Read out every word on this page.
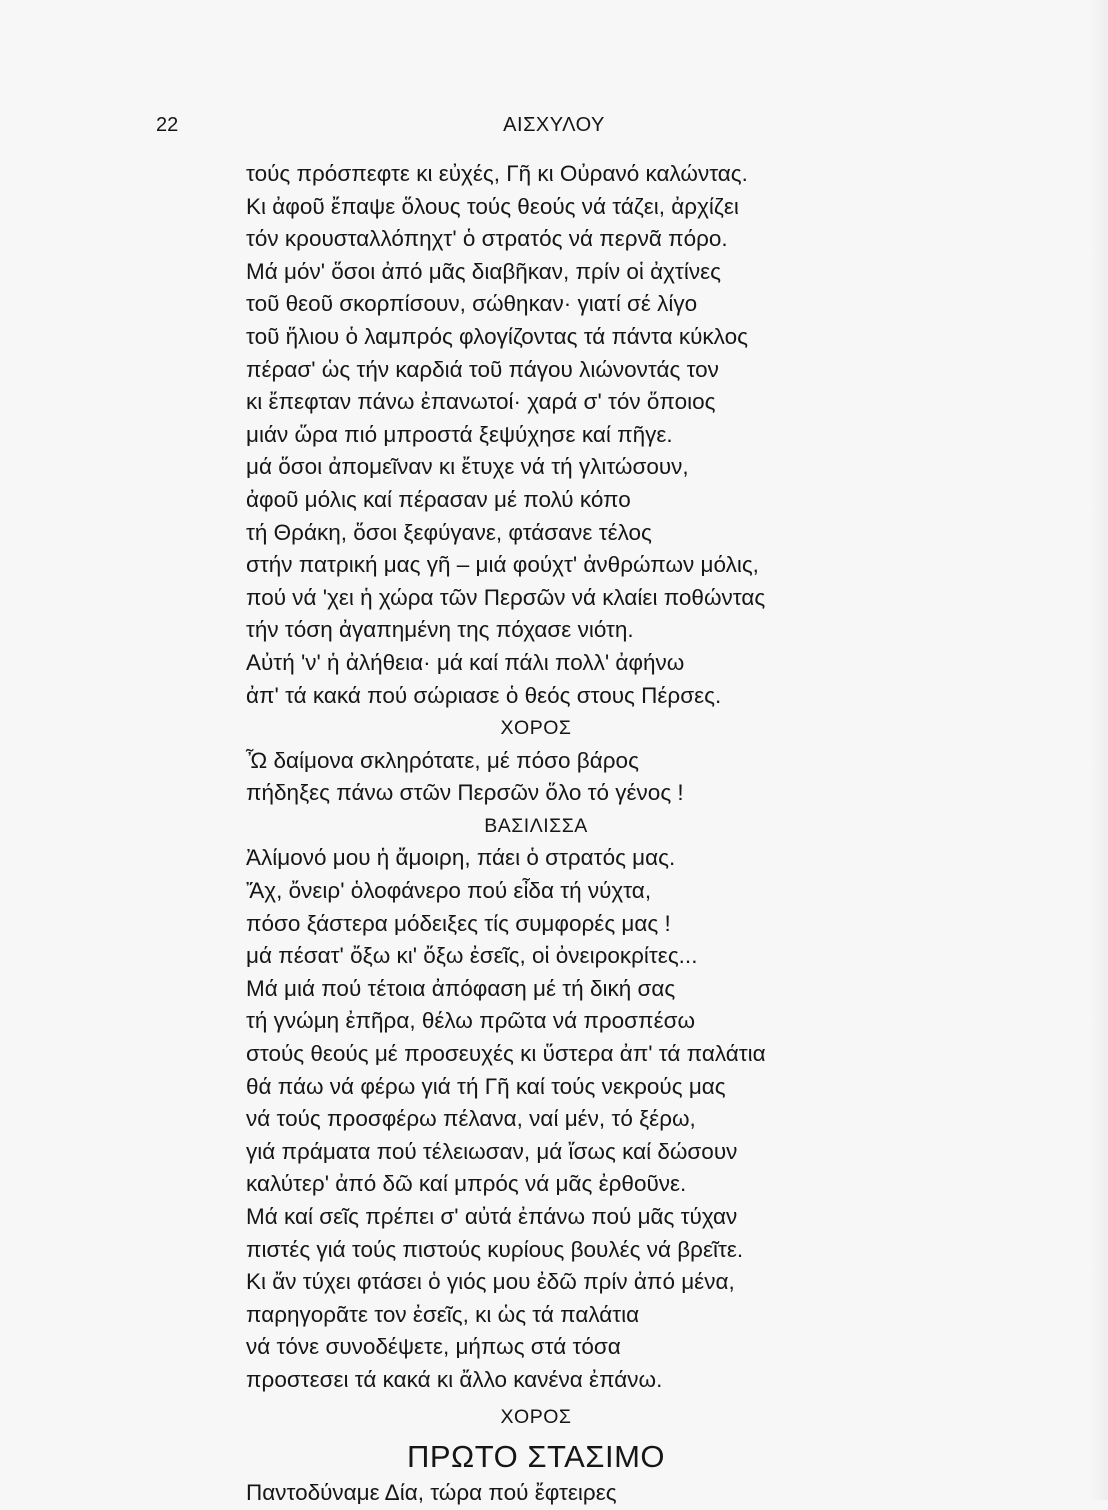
22	ΑΙΣΧΥΛΟΥ
τούς πρόσπεφτε κι εὐχές, Γῆ κι Οὐρανό καλώντας.
Κι ἀφοῦ ἔπαψε ὅλους τούς θεούς νά τάζει, ἀρχίζει
τόν κρουσταλλόπηχτ' ὁ στρατός νά περνᾶ πόρο.
Μά μόν' ὅσοι ἀπό μᾶς διαβῆκαν, πρίν οἱ ἀχτίνες
τοῦ θεοῦ σκορπίσουν, σώθηκαν· γιατί σέ λίγο
τοῦ ἥλιου ὁ λαμπρός φλογίζοντας τά πάντα κύκλος
πέρασ' ὡς τήν καρδιά τοῦ πάγου λιώνοντάς τον
κι ἔπεφταν πάνω ἐπανωτοί· χαρά σ' τόν ὅποιος
μιάν ὥρα πιό μπροστά ξεψύχησε καί πῆγε.
μά ὅσοι ἀπομεῖναν κι ἔτυχε νά τή γλιτώσουν,
ἀφοῦ μόλις καί πέρασαν μέ πολύ κόπο
τή Θράκη, ὅσοι ξεφύγανε, φτάσανε τέλος
στήν πατρική μας γῆ – μιά φούχτ' ἀνθρώπων μόλις,
πού νά 'χει ἡ χώρα τῶν Περσῶν νά κλαίει ποθώντας
τήν τόση ἀγαπημένη της πόχασε νιότη.
Αὐτή 'ν' ἡ ἀλήθεια· μά καί πάλι πολλ' ἀφήνω
ἀπ' τά κακά πού σώριασε ὁ θεός στους Πέρσες.
ΧΟΡΟΣ
Ὦ δαίμονα σκληρότατε, μέ πόσο βάρος
πήδηξες πάνω στῶν Περσῶν ὅλο τό γένος !
ΒΑΣΙΛΙΣΣΑ
Ἀλίμονό μου ἡ ἄμοιρη, πάει ὁ στρατός μας.
Ἄχ, ὄνειρ' ὁλοφάνερο πού εἶδα τή νύχτα,
πόσο ξάστερα μόδειξες τίς συμφορές μας !
μά πέσατ' ὄξω κι' ὄξω ἐσεῖς, οἱ ὀνειροκρίτες...
Μά μιά πού τέτοια ἀπόφαση μέ τή δική σας
τή γνώμη ἐπῆρα, θέλω πρῶτα νά προσπέσω
στούς θεούς μέ προσευχές κι ὕστερα ἀπ' τά παλάτια
θά πάω νά φέρω γιά τή Γῆ καί τούς νεκρούς μας
νά τούς προσφέρω πέλανα, ναί μέν, τό ξέρω,
γιά πράματα πού τέλειωσαν, μά ἴσως καί δώσουν
καλύτερ' ἀπό δῶ καί μπρός νά μᾶς ἐρθοῦνε.
Μά καί σεῖς πρέπει σ' αὐτά ἐπάνω πού μᾶς τύχαν
πιστές γιά τούς πιστούς κυρίους βουλές νά βρεῖτε.
Κι ἄν τύχει φτάσει ὁ γιός μου ἐδῶ πρίν ἀπό μένα,
παρηγορᾶτε τον ἐσεῖς, κι ὡς τά παλάτια
νά τόνε συνοδέψετε, μήπως στά τόσα
προστεσει τά κακά κι ἄλλο κανένα ἐπάνω.
ΧΟΡΟΣ
ΠΡΩΤΟ ΣΤΑΣΙΜΟ
Παντοδύναμε Δία, τώρα πού ἔφτειρες
